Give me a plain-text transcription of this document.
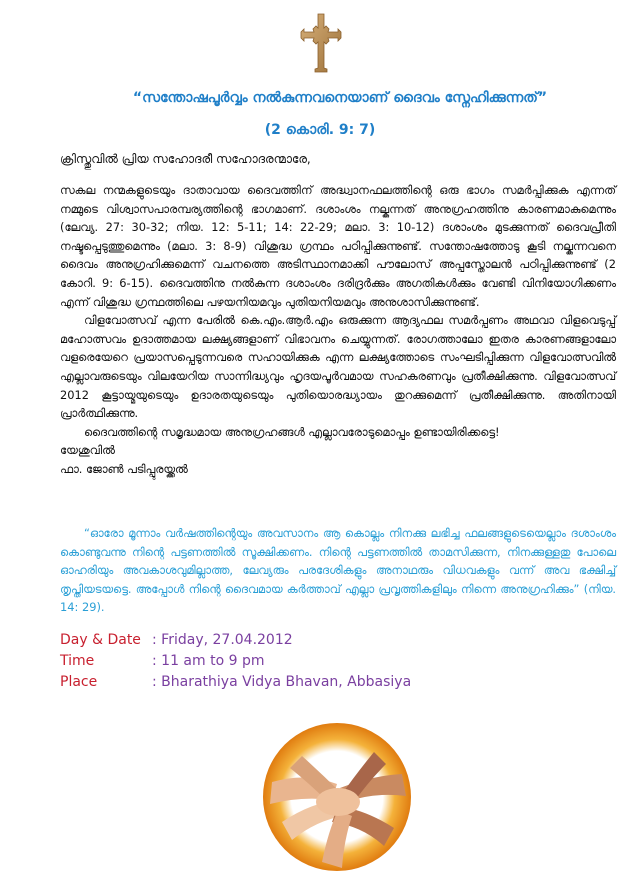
“സന്തോഷപൂർവ്വം നൽകുന്നവനെയാണ് ദൈവം സ്നേഹിക്കുന്നത്”
(2 കൊരി. 9: 7)
ക്രിസ്തുവിൽ പ്രിയ സഹോദരീ സഹോദരന്മാരേ,

സകല നന്മകളുടെയും ദാതാവായ ദൈവത്തിന് അദ്ധ്വാനഫലത്തിന്റെ ഒരു ഭാഗം സമർപ്പിക്കുക എന്നത് നമ്മുടെ വിശ്വാസപാരമ്പര്യത്തിന്റെ ഭാഗമാണ്. ദശാംശം നല്കുന്നത് അനുഗ്രഹത്തിനു കാരണമാകുമെന്നും (ലേവ്യ. 27: 30-32; നിയ. 12: 5-11; 14: 22-29; മലാ. 3: 10-12) ദശാംശം മുടക്കുന്നത് ദൈവപ്രീതി നഷ്ടപ്പെടുത്തുമെന്നും (മലാ. 3: 8-9) വിശുദ്ധ ഗ്രന്ഥം പഠിപ്പിക്കുന്നുണ്ട്. സന്തോഷത്തോടു കൂടി നല്കുന്നവനെ ദൈവം അനുഗ്രഹിക്കുമെന്ന് വചനത്തെ അടിസ്ഥാനമാക്കി പൗലോസ് അപ്പസ്തോലൻ പഠിപ്പിക്കുന്നുണ്ട് (2 കോറി. 9: 6-15). ദൈവത്തിനു നൽകുന്ന ദശാംശം ദരിദ്രർക്കും അഗതികൾക്കും വേണ്ടി വിനിയോഗിക്കണം എന്ന് വിശുദ്ധ ഗ്രന്ഥത്തിലെ പഴയനിയമവും പുതിയനിയമവും അനുശാസിക്കുന്നുണ്ട്.

വിളവോത്സവ് എന്ന പേരിൽ കെ.എം.ആർ.എം ഒരുക്കുന്ന ആദ്യഫല സമർപ്പണം അഥവാ വിളവെടുപ്പ് മഹോത്സവം ഉദാത്തമായ ലക്ഷ്യങ്ങളാണ് വിഭാവനം ചെയ്യുന്നത്. രോഗത്താലോ ഇതര കാരണങ്ങളാലോ വളരെയേറെ പ്രയാസപ്പെടുന്നവരെ സഹായിക്കുക എന്ന ലക്ഷ്യത്തോടെ സംഘടിപ്പിക്കുന്ന വിളവോത്സവിൽ എല്ലാവരുടെയും വിലയേറിയ സാന്നിദ്ധ്യവും ഹൃദയപൂർവമായ സഹകരണവും പ്രതീക്ഷിക്കുന്നു. വിളവോത്സവ് 2012 കൂട്ടായ്മയുടെയും ഉദാരതയുടെയും പുതിയൊരദ്ധ്യായം തുറക്കുമെന്ന് പ്രതീക്ഷിക്കുന്നു. അതിനായി പ്രാർത്ഥിക്കുന്നു.

ദൈവത്തിന്റെ സമൃദ്ധമായ അനുഗ്രഹങ്ങൾ എല്ലാവരോടുമൊപ്പം ഉണ്ടായിരിക്കട്ടെ!

യേശുവിൽ
ഫാ. ജോൺ പടിപ്പുരയ്ക്കൽ
“ഓരോ മൂന്നാം വർഷത്തിന്റെയും അവസാനം ആ കൊല്ലം നിനക്കു ലഭിച്ച ഫലങ്ങളുടെയെല്ലാം ദശാംശം കൊണ്ടുവന്നു നിന്റെ പട്ടണത്തിൽ സൂക്ഷിക്കണം. നിന്റെ പട്ടണത്തിൽ താമസിക്കുന്ന, നിനക്കുള്ളതു പോലെ ഓഹരിയും അവകാശവുമില്ലാത്ത, ലേവ്യരും പരദേശികളും അനാഥരും വിധവകളും വന്ന് അവ ഭക്ഷിച്ച് തൃപ്തിയടയട്ടെ. അപ്പോൾ നിന്റെ ദൈവമായ കർത്താവ് എല്ലാ പ്രവൃത്തികളിലും നിന്നെ അനുഗ്രഹിക്കും” (നിയ. 14: 29).
Day & Date : Friday, 27.04.2012
Time	: 11 am to 9 pm
Place	: Bharathiya Vidya Bhavan, Abbasiya
